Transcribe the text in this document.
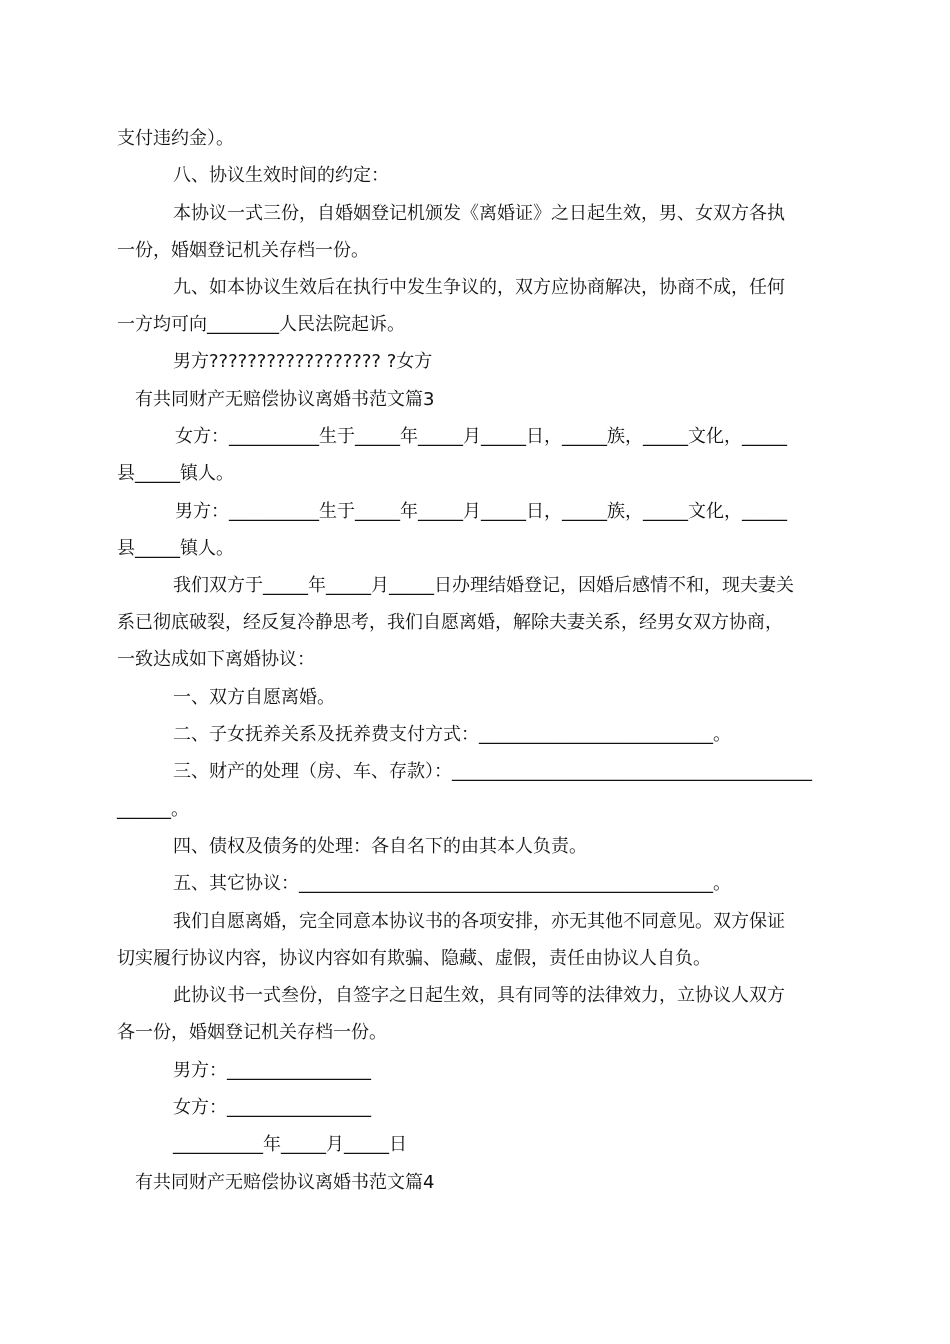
支付违约金）。

八、协议生效时间的约定：

本协议一式三份，自婚姻登记机颁发《离婚证》之日起生效，男、女双方各执

一份，婚姻登记机关存档一份。

九、如本协议生效后在执行中发生争议的，双方应协商解决，协商不成，任何

一方均可向________人民法院起诉。

男方?????????????????? ?女方

有共同财产无赔偿协议离婚书范文篇3

女方：__________生于_____年_____月_____日，_____族，_____文化，_____

县_____镇人。

男方：__________生于_____年_____月_____日，_____族，_____文化，_____

县_____镇人。

我们双方于_____年_____月_____日办理结婚登记，因婚后感情不和，现夫妻关

系已彻底破裂，经反复冷静思考，我们自愿离婚，解除夫妻关系，经男女双方协商，

一致达成如下离婚协议：

一、双方自愿离婚。

二、子女抚养关系及抚养费支付方式：__________________________。

三、财产的处理（房、车、存款）：________________________________________

______。

四、债权及债务的处理：各自名下的由其本人负责。

五、其它协议：______________________________________________。

我们自愿离婚，完全同意本协议书的各项安排，亦无其他不同意见。双方保证

切实履行协议内容，协议内容如有欺骗、隐藏、虚假，责任由协议人自负。

此协议书一式叁份，自签字之日起生效，具有同等的法律效力，立协议人双方

各一份，婚姻登记机关存档一份。

男方：________________

女方：________________

__________年_____月_____日

有共同财产无赔偿协议离婚书范文篇4
